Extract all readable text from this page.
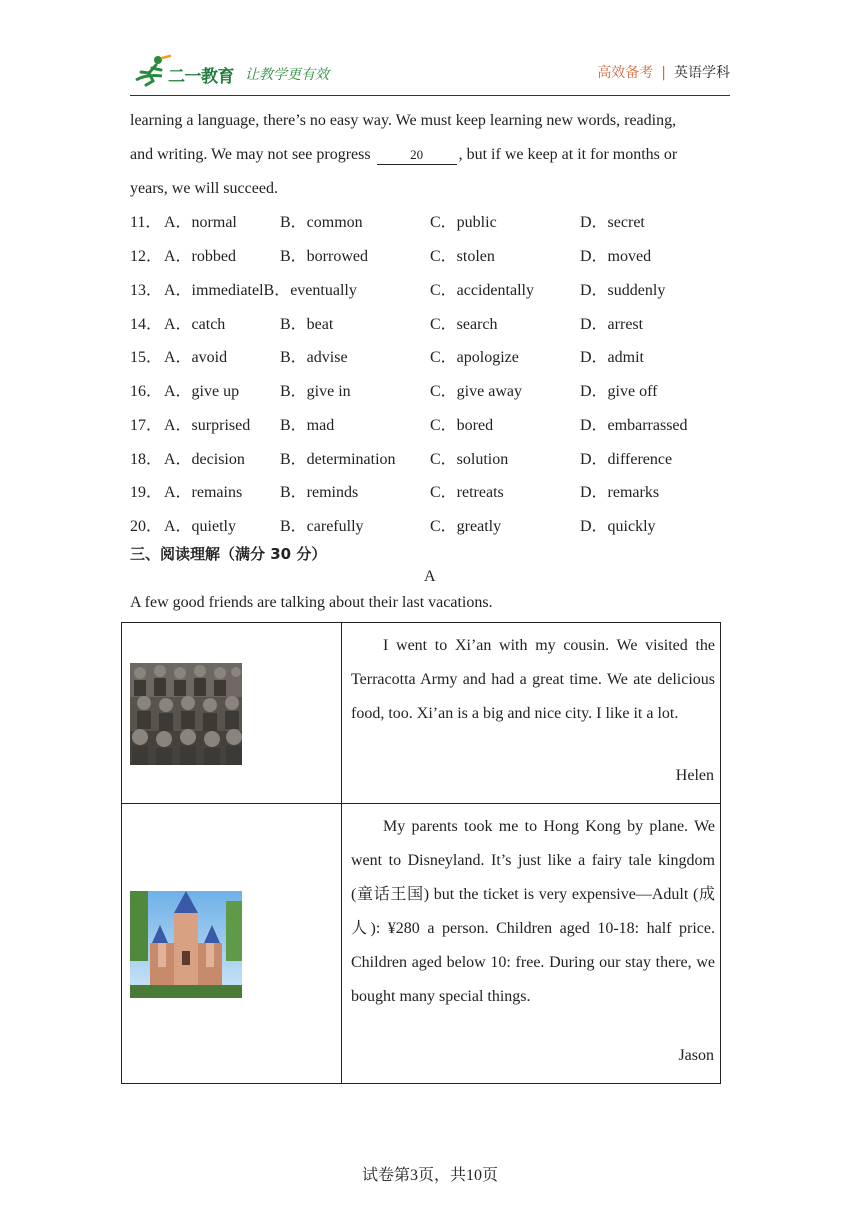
二一教育 让教学更有效	高效备考 | 英语学科
learning a language, there’s no easy way. We must keep learning new words, reading,
and writing. We may not see progress	20 , but if we keep at it for months or
years, we will succeed.
11． A．normal	B．common	C．public	D．secret
12． A．robbed	B．borrowed	C．stolen	D．moved
13． A．immediatelB．eventually	C．accidentally	D．suddenly
14． A．catch	B．beat	C．search	D．arrest
15． A．avoid	B．advise	C．apologize	D．admit
16． A．give up	B．give in	C．give away	D．give off
17． A．surprised B．mad	C．bored	D．embarrassed
18． A．decision B．determination C．solution	D．difference
19． A．remains B．reminds	C．retreats	D．remarks
20． A．quietly	B．carefully	C．greatly	D．quickly
三、阅读理解（满分 30 分）
A
A few good friends are talking about their last vacations.
I went to Xi’an with my cousin. We visited the Terracotta Army and had a great time. We ate delicious food, too. Xi’an is a big and nice city. I like it a lot.
Helen
My parents took me to Hong Kong by plane. We went to Disneyland. It’s just like a fairy tale kingdom (童话王国) but the ticket is very expensive—Adult (成人): ¥280 a person. Children aged 10-18: half price. Children aged below 10: free. During our stay there, we bought many special things.
Jason
试卷第3页，共10页
